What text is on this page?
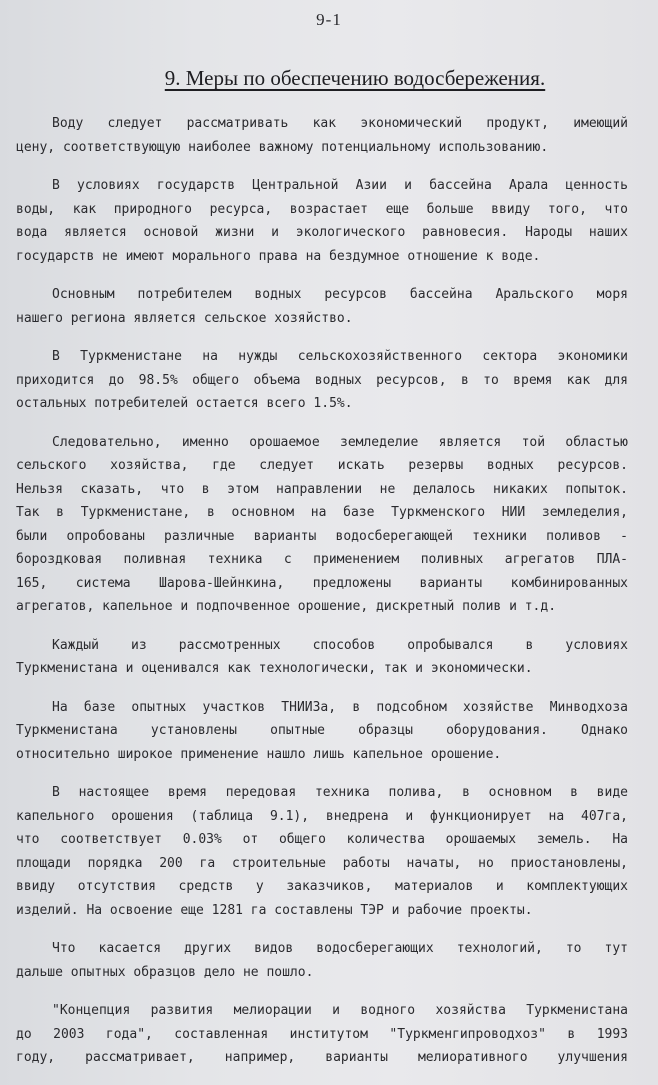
9-1
9. Меры по обеспечению водосбережения.
Воду следует рассматривать как экономический продукт, имеющий
цену, соответствующую наиболее важному потенциальному использованию.
В условиях государств Центральной Азии и бассейна Арала ценность
воды, как природного ресурса, возрастает еще больше ввиду того, что
вода является основой жизни и экологического равновесия. Народы наших
государств не имеют морального права на бездумное отношение к воде.
Основным потребителем водных ресурсов бассейна Аральского моря
нашего региона является сельское хозяйство.
В Туркменистане на нужды сельскохозяйственного сектора экономики
приходится до 98.5% общего объема водных ресурсов, в то время как для
остальных потребителей остается всего 1.5%.
Следовательно, именно орошаемое земледелие является той областью
сельского хозяйства, где следует искать резервы водных ресурсов.
Нельзя сказать, что в этом направлении не делалось никаких попыток.
Так в Туркменистане, в основном на базе Туркменского НИИ земледелия,
были опробованы различные варианты водосберегающей техники поливов -
бороздковая поливная техника с применением поливных агрегатов ПЛА-
165, система Шарова-Шейнкина, предложены варианты комбинированных
агрегатов, капельное и подпочвенное орошение, дискретный полив и т.д.
Каждый из рассмотренных способов опробывался в условиях
Туркменистана и оценивался как технологически, так и экономически.
На базе опытных участков ТНИИЗа, в подсобном хозяйстве Минводхоза
Туркменистана установлены опытные образцы оборудования. Однако
относительно широкое применение нашло лишь капельное орошение.
В настоящее время передовая техника полива, в основном в виде
капельного орошения (таблица 9.1), внедрена и функционирует на 407га,
что соответствует 0.03% от общего количества орошаемых земель. На
площади порядка 200 га строительные работы начаты, но приостановлены,
ввиду отсутствия средств у заказчиков, материалов и комплектующих
изделий. На освоение еще 1281 га составлены ТЭР и рабочие проекты.
Что касается других видов водосберегающих технологий, то тут
дальше опытных образцов дело не пошло.
"Концепция развития мелиорации и водного хозяйства Туркменистана
до 2003 года", составленная институтом "Туркменгипроводхоз" в 1993
году, рассматривает, например, варианты мелиоративного улучшения
